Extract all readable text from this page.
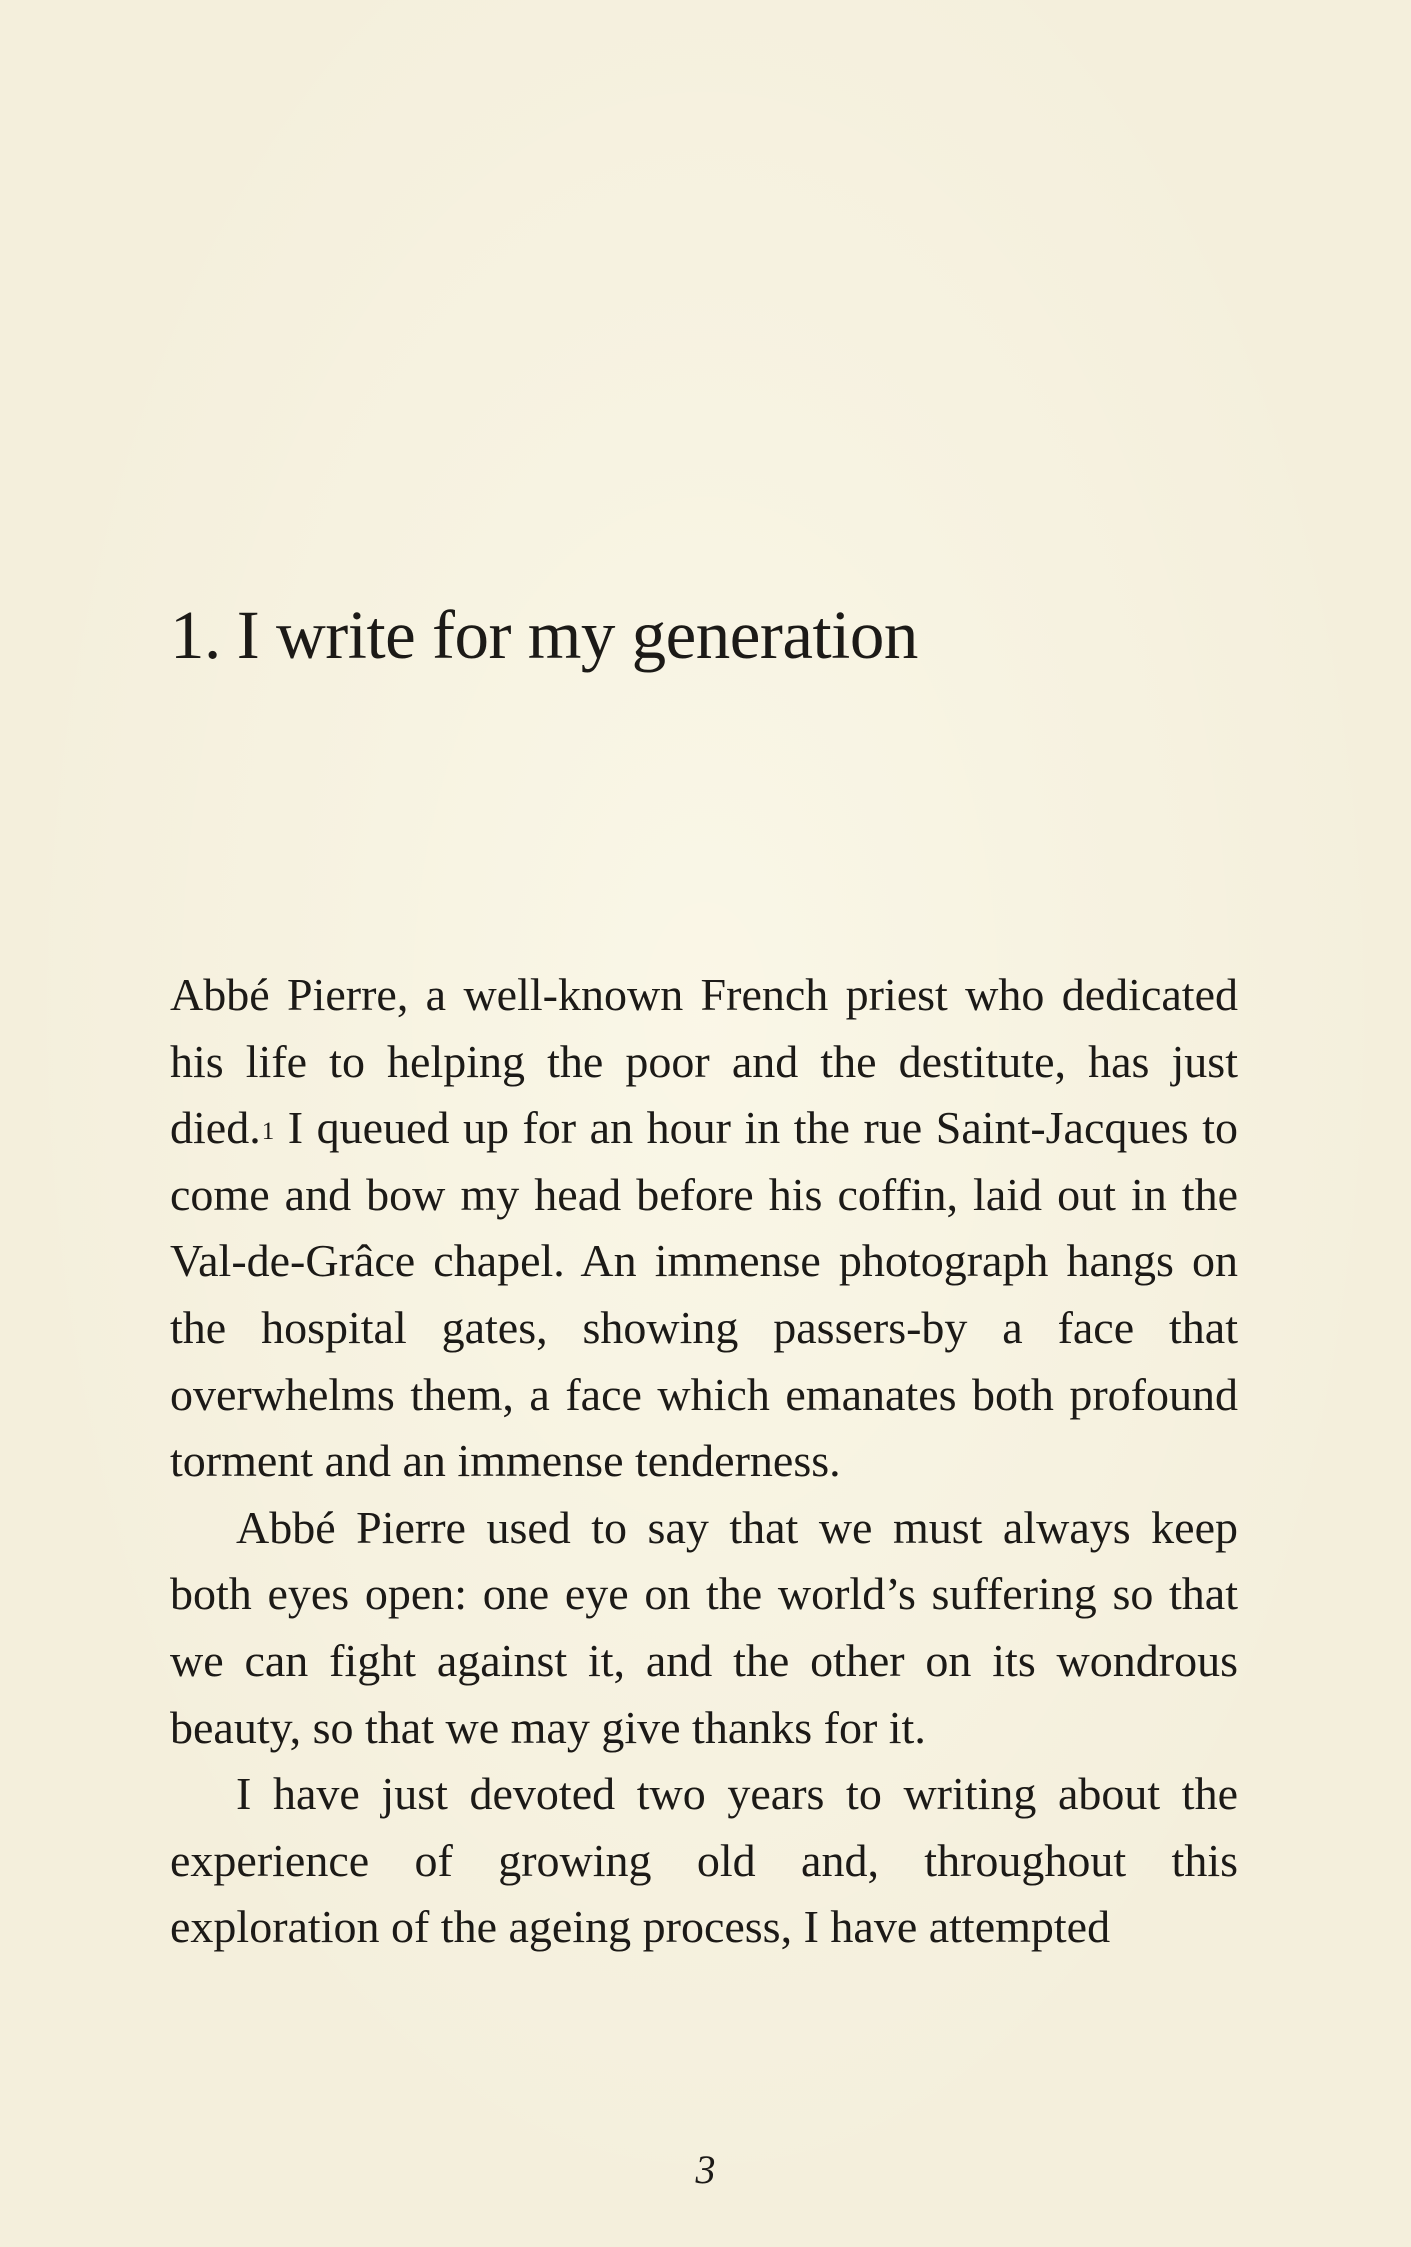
1. I write for my generation

Abbé Pierre, a well-known French priest who dedicated his life to helping the poor and the destitute, has just died.$^1$ I queued up for an hour in the rue Saint-Jacques to come and bow my head before his coffin, laid out in the Val-de-Grâce chapel. An immense photograph hangs on the hospital gates, showing passers-by a face that overwhelms them, a face which emanates both profound torment and an immense tenderness.

Abbé Pierre used to say that we must always keep both eyes open: one eye on the world’s suffering so that we can fight against it, and the other on its wondrous beauty, so that we may give thanks for it.

I have just devoted two years to writing about the experience of growing old and, throughout this exploration of the ageing process, I have attempted

3
